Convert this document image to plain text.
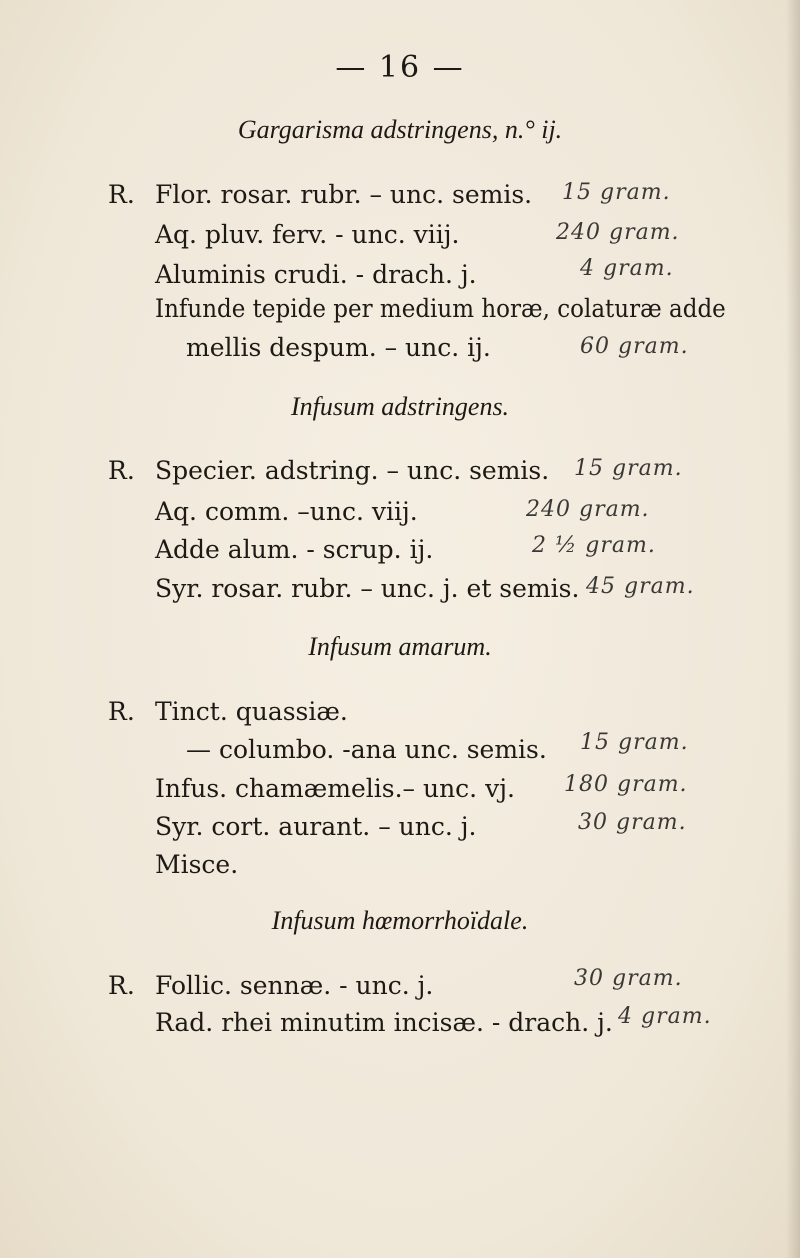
— 16 —
Gargarisma adstringens, n.° ij.
R. Flor. rosar. rubr. – unc. semis.
Aq. pluv. ferv. - unc. viij.
Aluminis crudi. - drach. j.
Infunde tepide per medium horæ, colaturæ adde
mellis despum. – unc. ij.
15 gram.
240 gram.
4 gram.
60 gram.
Infusum adstringens.
R. Specier. adstring. – unc. semis.
Aq. comm. –unc. viij.
Adde alum. - scrup. ij.
Syr. rosar. rubr. – unc. j. et semis.
15 gram.
240 gram.
2 ½ gram.
45 gram.
Infusum amarum.
R. Tinct. quassiæ.
— columbo. -ana unc. semis.
Infus. chamæmelis.– unc. vj.
Syr. cort. aurant. – unc. j.
Misce.
15 gram.
180 gram.
30 gram.
Infusum hœmorrhoïdale.
R. Follic. sennæ. - unc. j.
Rad. rhei minutim incisæ. - drach. j.
30 gram.
4 gram.
